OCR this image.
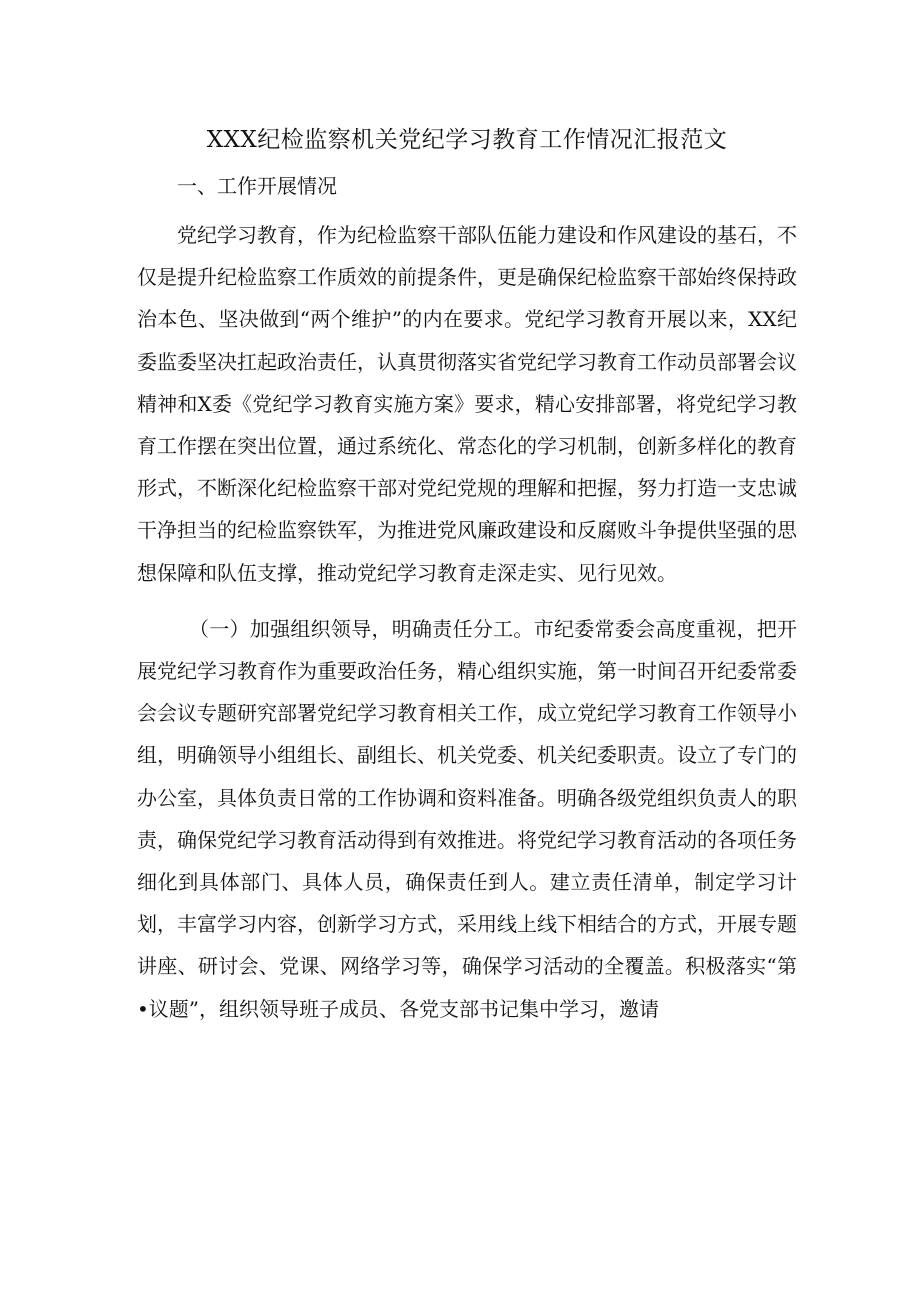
XXX纪检监察机关党纪学习教育工作情况汇报范文
一、工作开展情况

党纪学习教育，作为纪检监察干部队伍能力建设和作风建设的基石，不仅是提升纪检监察工作质效的前提条件，更是确保纪检监察干部始终保持政治本色、坚决做到“两个维护”的内在要求。党纪学习教育开展以来，XX纪委监委坚决扛起政治责任，认真贯彻落实省党纪学习教育工作动员部署会议精神和X委《党纪学习教育实施方案》要求，精心安排部署，将党纪学习教育工作摆在突出位置，通过系统化、常态化的学习机制，创新多样化的教育形式，不断深化纪检监察干部对党纪党规的理解和把握，努力打造一支忠诚干净担当的纪检监察铁军，为推进党风廉政建设和反腐败斗争提供坚强的思想保障和队伍支撑，推动党纪学习教育走深走实、见行见效。

（一）加强组织领导，明确责任分工。市纪委常委会高度重视，把开展党纪学习教育作为重要政治任务，精心组织实施，第一时间召开纪委常委会会议专题研究部署党纪学习教育相关工作，成立党纪学习教育工作领导小组，明确领导小组组长、副组长、机关党委、机关纪委职责。设立了专门的办公室，具体负责日常的工作协调和资料准备。明确各级党组织负责人的职责，确保党纪学习教育活动得到有效推进。将党纪学习教育活动的各项任务细化到具体部门、具体人员，确保责任到人。建立责任清单，制定学习计划，丰富学习内容，创新学习方式，采用线上线下相结合的方式，开展专题讲座、研讨会、党课、网络学习等，确保学习活动的全覆盖。积极落实“第•议题”，组织领导班子成员、各党支部书记集中学习，邀请
